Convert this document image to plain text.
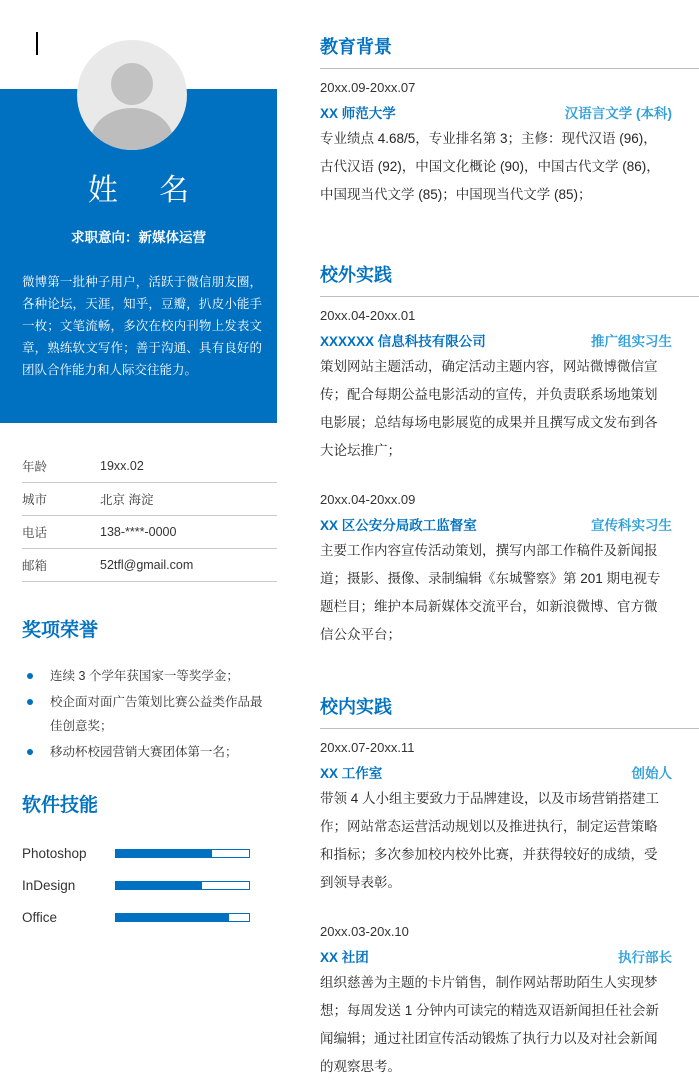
姓 名
求职意向：新媒体运营
微博第一批种子用户，活跃于微信朋友圈，各种论坛，天涯，知乎，豆瓣，扒皮小能手一枚；文笔流畅，多次在校内刊物上发表文章，熟练软文写作；善于沟通、具有良好的团队合作能力和人际交往能力。
年龄	19xx.02
城市	北京 海淀
电话	138-****-0000
邮箱	52tfl@gmail.com
奖项荣誉
连续 3 个学年获国家一等奖学金；
校企面对面广告策划比赛公益类作品最佳创意奖；
移动杯校园营销大赛团体第一名；
软件技能
Photoshop
InDesign
Office
教育背景
20xx.09-20xx.07
XX 师范大学	汉语言文学 (本科)
专业绩点 4.68/5，专业排名第 3；主修：现代汉语 (96)，古代汉语 (92)，中国文化概论 (90)，中国古代文学 (86)，中国现当代文学 (85)；中国现当代文学 (85)；
校外实践
20xx.04-20xx.01
XXXXXX 信息科技有限公司	推广组实习生
策划网站主题活动，确定活动主题内容，网站微博微信宣传；配合每期公益电影活动的宣传，并负责联系场地策划电影展；总结每场电影展览的成果并且撰写成文发布到各大论坛推广；
20xx.04-20xx.09
XX 区公安分局政工监督室	宣传科实习生
主要工作内容宣传活动策划，撰写内部工作稿件及新闻报道；摄影、摄像、录制编辑《东城警察》第 201 期电视专题栏目；维护本局新媒体交流平台，如新浪微博、官方微信公众平台；
校内实践
20xx.07-20xx.11
XX 工作室	创始人
带领 4 人小组主要致力于品牌建设，以及市场营销搭建工作；网站常态运营活动规划以及推进执行，制定运营策略和指标；多次参加校内校外比赛，并获得较好的成绩，受到领导表彰。
20xx.03-20x.10
XX 社团	执行部长
组织慈善为主题的卡片销售，制作网站帮助陌生人实现梦想；每周发送 1 分钟内可读完的精选双语新闻担任社会新闻编辑；通过社团宣传活动锻炼了执行力以及对社会新闻的观察思考。
